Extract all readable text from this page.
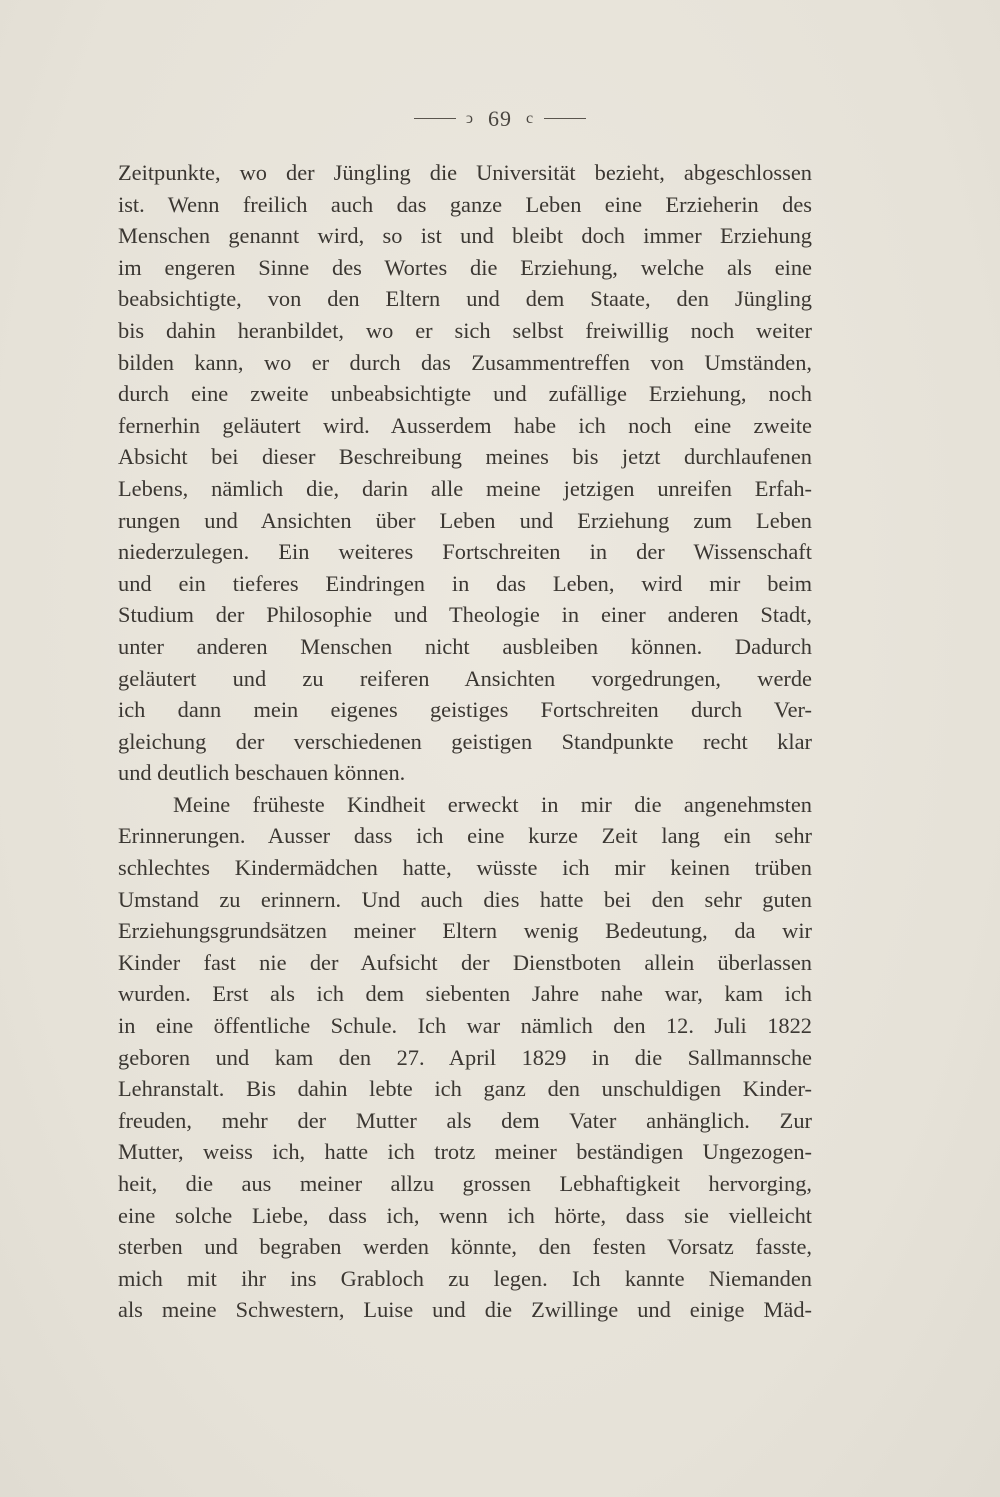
ↄ 69 c
Zeitpunkte, wo der Jüngling die Universität bezieht, abgeschlossen
ist. Wenn freilich auch das ganze Leben eine Erzieherin des
Menschen genannt wird, so ist und bleibt doch immer Erziehung
im engeren Sinne des Wortes die Erziehung, welche als eine
beabsichtigte, von den Eltern und dem Staate, den Jüngling
bis dahin heranbildet, wo er sich selbst freiwillig noch weiter
bilden kann, wo er durch das Zusammentreffen von Umständen,
durch eine zweite unbeabsichtigte und zufällige Erziehung, noch
fernerhin geläutert wird. Ausserdem habe ich noch eine zweite
Absicht bei dieser Beschreibung meines bis jetzt durchlaufenen
Lebens, nämlich die, darin alle meine jetzigen unreifen Erfah-
rungen und Ansichten über Leben und Erziehung zum Leben
niederzulegen. Ein weiteres Fortschreiten in der Wissenschaft
und ein tieferes Eindringen in das Leben, wird mir beim
Studium der Philosophie und Theologie in einer anderen Stadt,
unter anderen Menschen nicht ausbleiben können. Dadurch
geläutert und zu reiferen Ansichten vorgedrungen, werde
ich dann mein eigenes geistiges Fortschreiten durch Ver-
gleichung der verschiedenen geistigen Standpunkte recht klar
und deutlich beschauen können.
Meine früheste Kindheit erweckt in mir die angenehmsten
Erinnerungen. Ausser dass ich eine kurze Zeit lang ein sehr
schlechtes Kindermädchen hatte, wüsste ich mir keinen trüben
Umstand zu erinnern. Und auch dies hatte bei den sehr guten
Erziehungsgrundsätzen meiner Eltern wenig Bedeutung, da wir
Kinder fast nie der Aufsicht der Dienstboten allein überlassen
wurden. Erst als ich dem siebenten Jahre nahe war, kam ich
in eine öffentliche Schule. Ich war nämlich den 12. Juli 1822
geboren und kam den 27. April 1829 in die Sallmannsche
Lehranstalt. Bis dahin lebte ich ganz den unschuldigen Kinder-
freuden, mehr der Mutter als dem Vater anhänglich. Zur
Mutter, weiss ich, hatte ich trotz meiner beständigen Ungezogen-
heit, die aus meiner allzu grossen Lebhaftigkeit hervorging,
eine solche Liebe, dass ich, wenn ich hörte, dass sie vielleicht
sterben und begraben werden könnte, den festen Vorsatz fasste,
mich mit ihr ins Grabloch zu legen. Ich kannte Niemanden
als meine Schwestern, Luise und die Zwillinge und einige Mäd-
